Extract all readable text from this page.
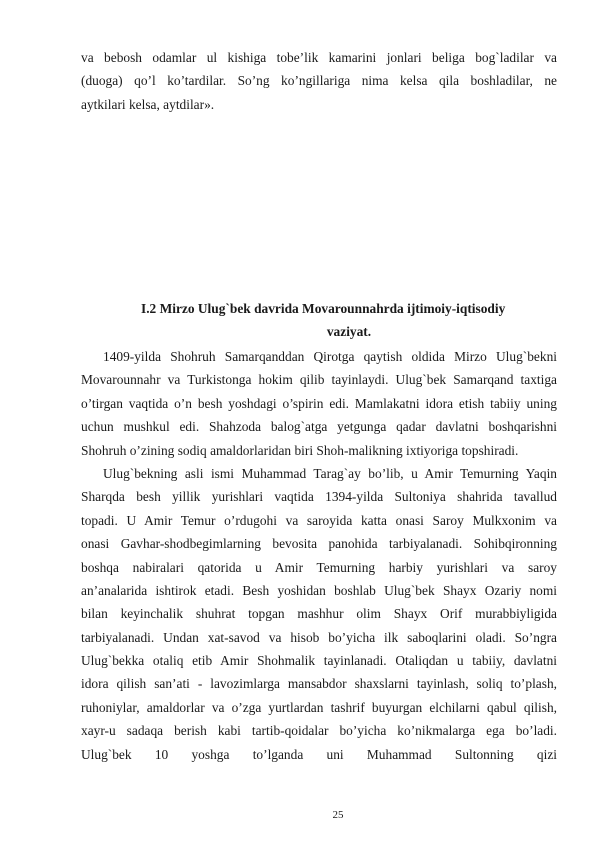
va bebosh odamlar ul kishiga tobe’lik kamarini jonlari beliga bog`ladilar va
(duoga) qo’l ko’tardilar. So’ng ko’ngillariga nima kelsa qila boshladilar, ne
aytkilari kelsa, aytdilar».
I.2 Mirzo Ulug`bek davrida Movarounnahrda ijtimoiy-iqtisodiy
vaziyat.
1409-yilda Shohruh Samarqanddan Qirotga qaytish oldida Mirzo Ulug`bekni
Movarounnahr va Turkistonga hokim qilib tayinlaydi. Ulug`bek Samarqand taxtiga
o’tirgan vaqtida o’n besh yoshdagi o’spirin edi. Mamlakatni idora etish tabiiy uning
uchun mushkul edi. Shahzoda balog`atga yetgunga qadar davlatni boshqarishni
Shohruh o’zining sodiq amaldorlaridan biri Shoh-malikning ixtiyoriga topshiradi.
Ulug`bekning asli ismi Muhammad Tarag`ay bo’lib, u Amir Temurning Yaqin
Sharqda besh yillik yurishlari vaqtida 1394-yilda Sultoniya shahrida tavallud
topadi. U Amir Temur o’rdugohi va saroyida katta onasi Saroy Mulkxonim va
onasi Gavhar-shodbegimlarning bevosita panohida tarbiyalanadi. Sohibqironning
boshqa nabiralari qatorida u Amir Temurning harbiy yurishlari va saroy
an’analarida ishtirok etadi. Besh yoshidan boshlab Ulug`bek Shayx Ozariy nomi
bilan keyinchalik shuhrat topgan mashhur olim Shayx Orif murabbiyligida
tarbiyalanadi. Undan xat-savod va hisob bo’yicha ilk saboqlarini oladi. So’ngra
Ulug`bekka otaliq etib Amir Shohmalik tayinlanadi. Otaliqdan u tabiiy, davlatni
idora qilish san’ati - lavozimlarga mansabdor shaxslarni tayinlash, soliq to’plash,
ruhoniylar, amaldorlar va o’zga yurtlardan tashrif buyurgan elchilarni qabul qilish,
xayr-u sadaqa berish kabi tartib-qoidalar bo’yicha ko’nikmalarga ega bo’ladi.
Ulug`bek 10 yoshga to’lganda uni Muhammad Sultonning qizi
25
